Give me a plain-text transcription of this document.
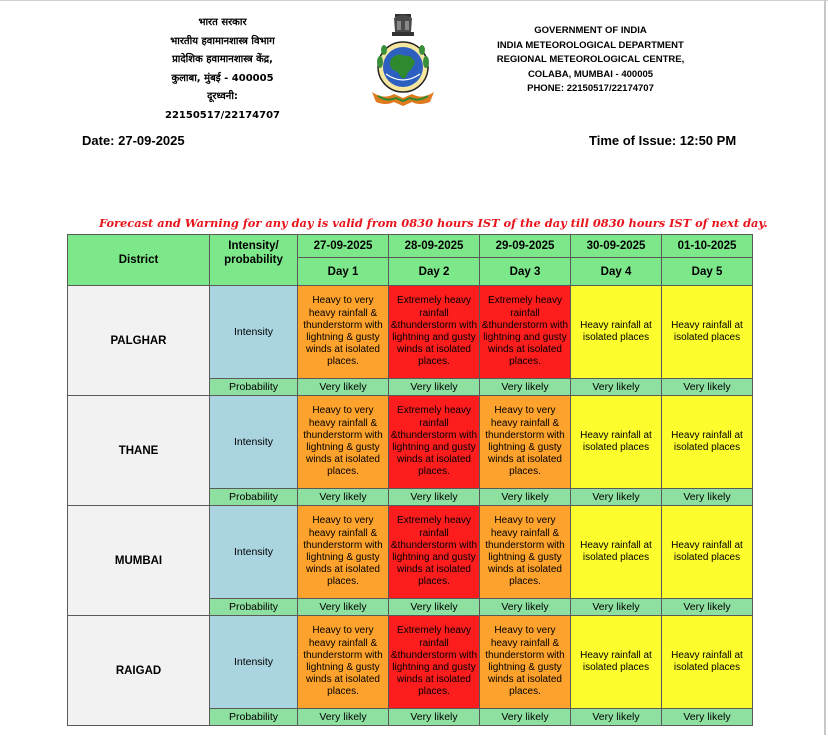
भारत सरकार
भारतीय हवामानशास्त्र विभाग
प्रादेशिक हवामानशास्त्र केंद्र,
कुलाबा, मुंबई - 400005
दूरध्वनी: 22150517/22174707
GOVERNMENT OF INDIA
INDIA METEOROLOGICAL DEPARTMENT
REGIONAL METEOROLOGICAL CENTRE,
COLABA, MUMBAI - 400005
PHONE: 22150517/22174707
Date: 27-09-2025	Time of Issue: 12:50 PM
Forecast and Warning for any day is valid from 0830 hours IST of the day till 0830 hours IST of next day.
District	Intensity/ probability	27-09-2025	28-09-2025	29-09-2025	30-09-2025	01-10-2025
		Day 1	Day 2	Day 3	Day 4	Day 5
PALGHAR	Intensity	Heavy to very heavy rainfall & thunderstorm with lightning & gusty winds at isolated places.	Extremely heavy rainfall &thunderstorm with lightning and gusty winds at isolated places.	Extremely heavy rainfall &thunderstorm with lightning and gusty winds at isolated places.	Heavy rainfall at isolated places	Heavy rainfall at isolated places
	Probability	Very likely	Very likely	Very likely	Very likely	Very likely
THANE	Intensity	Heavy to very heavy rainfall & thunderstorm with lightning & gusty winds at isolated places.	Extremely heavy rainfall &thunderstorm with lightning and gusty winds at isolated places.	Heavy to very heavy rainfall & thunderstorm with lightning & gusty winds at isolated places.	Heavy rainfall at isolated places	Heavy rainfall at isolated places
	Probability	Very likely	Very likely	Very likely	Very likely	Very likely
MUMBAI	Intensity	Heavy to very heavy rainfall & thunderstorm with lightning & gusty winds at isolated places.	Extremely heavy rainfall &thunderstorm with lightning and gusty winds at isolated places.	Heavy to very heavy rainfall & thunderstorm with lightning & gusty winds at isolated places.	Heavy rainfall at isolated places	Heavy rainfall at isolated places
	Probability	Very likely	Very likely	Very likely	Very likely	Very likely
RAIGAD	Intensity	Heavy to very heavy rainfall & thunderstorm with lightning & gusty winds at isolated places.	Extremely heavy rainfall &thunderstorm with lightning and gusty winds at isolated places.	Heavy to very heavy rainfall & thunderstorm with lightning & gusty winds at isolated places.	Heavy rainfall at isolated places	Heavy rainfall at isolated places
	Probability	Very likely	Very likely	Very likely	Very likely	Very likely
